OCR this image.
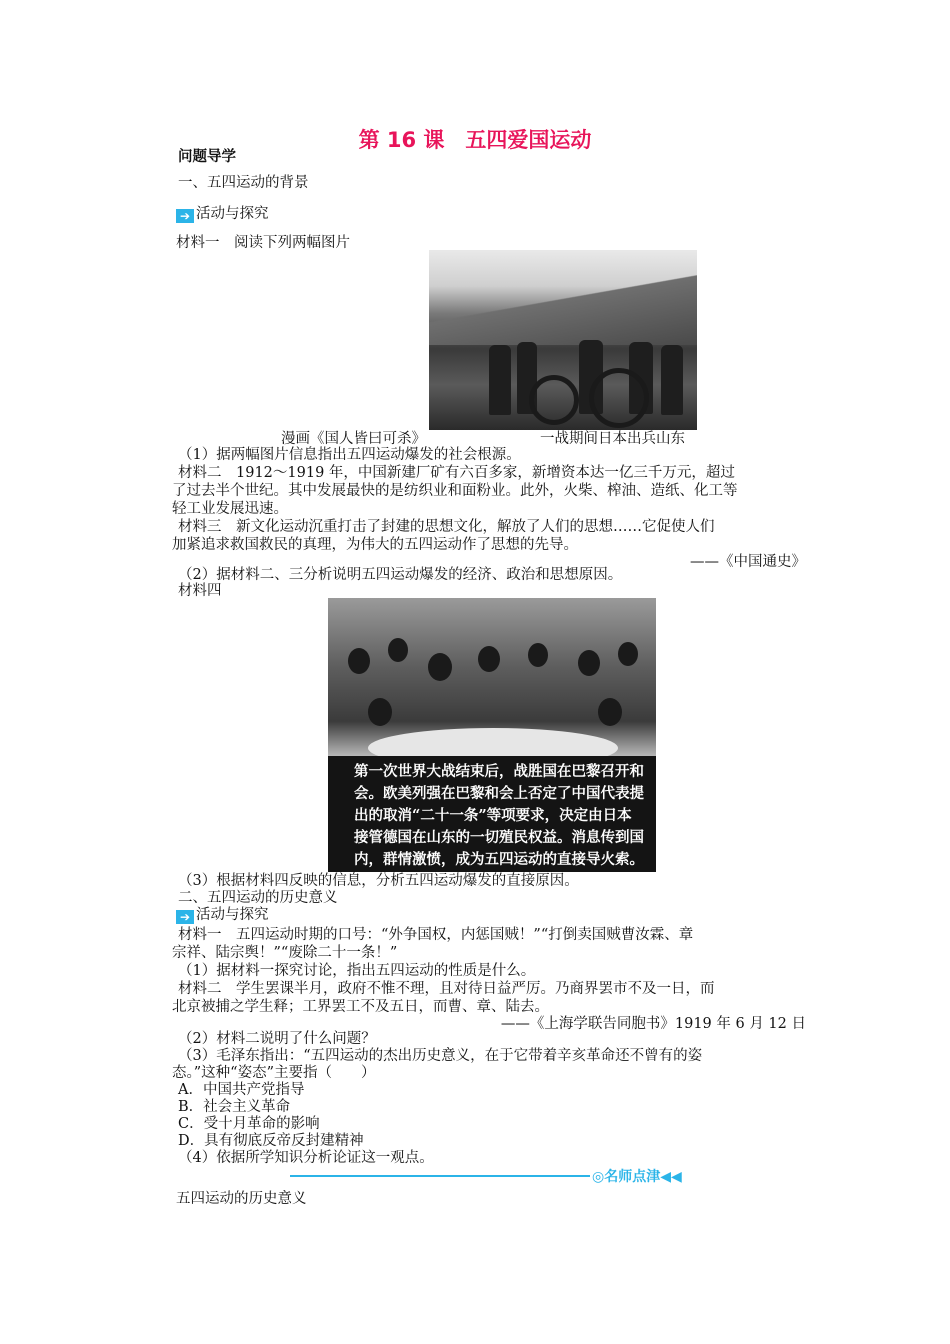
第 16 课　五四爱国运动
问题导学
一、五四运动的背景
➔ 活动与探究
材料一　阅读下列两幅图片
漫画《国人皆曰可杀》	一战期间日本出兵山东
（1）据两幅图片信息指出五四运动爆发的社会根源。
材料二　1912～1919 年，中国新建厂矿有六百多家，新增资本达一亿三千万元，超过
了过去半个世纪。其中发展最快的是纺织业和面粉业。此外，火柴、榨油、造纸、化工等
轻工业发展迅速。
材料三　新文化运动沉重打击了封建的思想文化，解放了人们的思想……它促使人们
加紧追求救国救民的真理，为伟大的五四运动作了思想的先导。
——《中国通史》
（2）据材料二、三分析说明五四运动爆发的经济、政治和思想原因。
材料四
第一次世界大战结束后，战胜国在巴黎召开和会。欧美列强在巴黎和会上否定了中国代表提出的取消“二十一条”等项要求，决定由日本接管德国在山东的一切殖民权益。消息传到国内，群情激愤，成为五四运动的直接导火索。
（3）根据材料四反映的信息，分析五四运动爆发的直接原因。
二、五四运动的历史意义
➔ 活动与探究
材料一　五四运动时期的口号：“外争国权，内惩国贼！”“打倒卖国贼曹汝霖、章
宗祥、陆宗舆！”“废除二十一条！”
（1）据材料一探究讨论，指出五四运动的性质是什么。
材料二　学生罢课半月，政府不惟不理，且对待日益严厉。乃商界罢市不及一日，而
北京被捕之学生释；工界罢工不及五日，而曹、章、陆去。
——《上海学联告同胞书》1919 年 6 月 12 日
（2）材料二说明了什么问题？
（3）毛泽东指出：“五四运动的杰出历史意义，在于它带着辛亥革命还不曾有的姿
态。”这种“姿态”主要指（　　）
A．中国共产党指导
B．社会主义革命
C．受十月革命的影响
D．具有彻底反帝反封建精神
（4）依据所学知识分析论证这一观点。
◎名师点津◀◀
五四运动的历史意义
